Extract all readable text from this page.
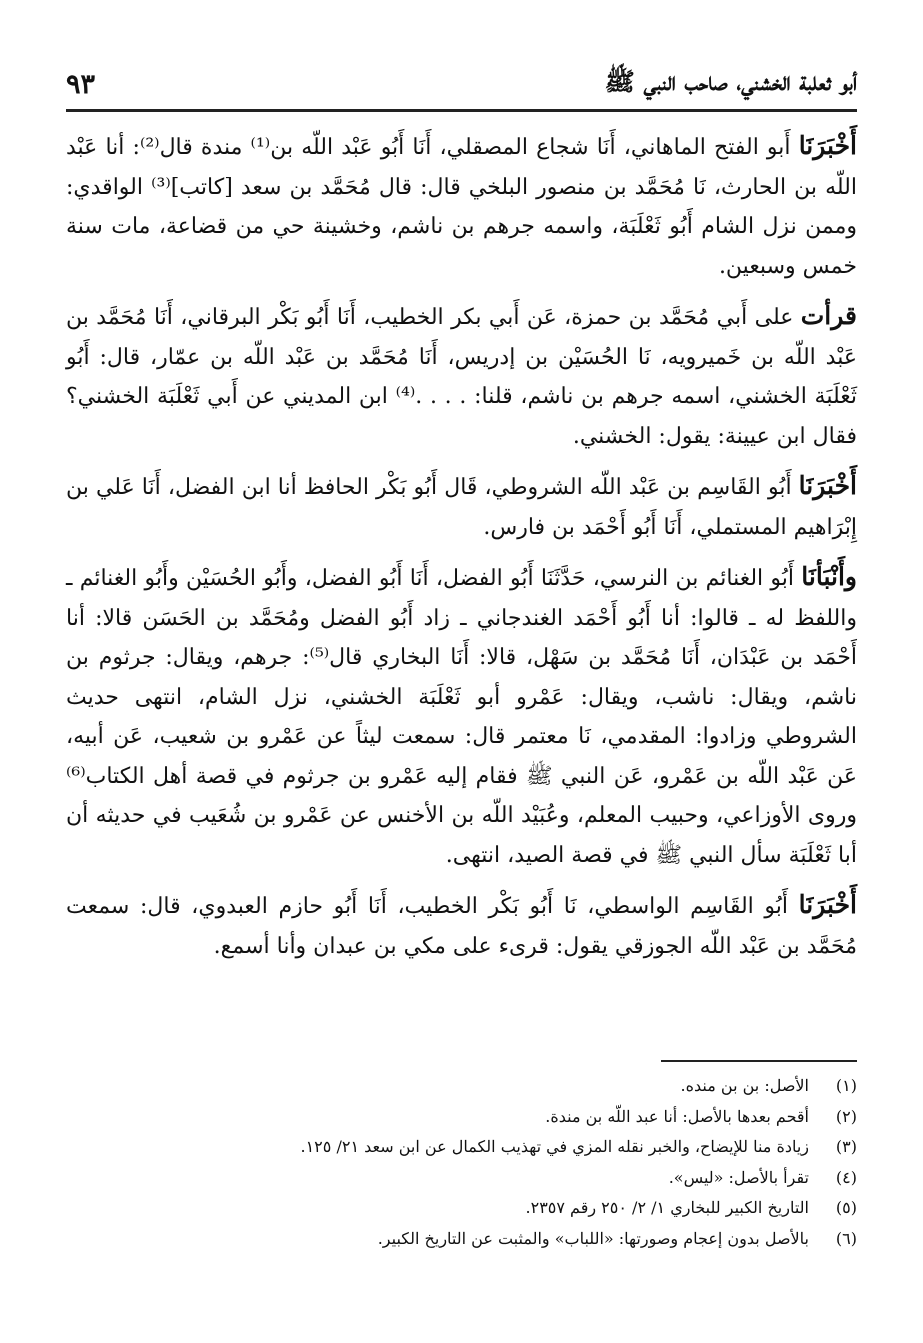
أبو ثعلبة الخشني، صاحب النبي ﷺ
٩٣

أَخْبَرَنَا أَبو الفتح الماهاني، أَنَا شجاع المصقلي، أَنَا أَبُو عَبْد اللّه بن⁽¹⁾ مندة قال⁽²⁾: أنا عَبْد اللّه بن الحارث، نَا مُحَمَّد بن منصور البلخي قال: قال مُحَمَّد بن سعد [كاتب]⁽³⁾ الواقدي: وممن نزل الشام أَبُو ثَعْلَبَة، واسمه جرهم بن ناشم، وخشينة حي من قضاعة، مات سنة خمس وسبعين.

قرأت على أَبي مُحَمَّد بن حمزة، عَن أَبي بكر الخطيب، أَنَا أَبُو بَكْر البرقاني، أَنَا مُحَمَّد بن عَبْد اللّه بن خَميرويه، نَا الحُسَيْن بن إدريس، أَنَا مُحَمَّد بن عَبْد اللّه بن عمّار، قال: أَبُو ثَعْلَبَة الخشني، اسمه جرهم بن ناشم، قلنا: . . . .⁽⁴⁾ ابن المديني عن أَبي ثَعْلَبَة الخشني؟ فقال ابن عيينة: يقول: الخشني.

أَخْبَرَنَا أَبُو القَاسِم بن عَبْد اللّه الشروطي، قَال أَبُو بَكْر الحافظ أنا ابن الفضل، أَنَا عَلي بن إِبْرَاهيم المستملي، أَنَا أَبُو أَحْمَد بن فارس.

وأَنْبَأنَا أَبُو الغنائم بن النرسي، حَدَّثَنَا أَبُو الفضل، أَنَا أَبُو الفضل، وأَبُو الحُسَيْن وأَبُو الغنائم ـ واللفظ له ـ قالوا: أنا أَبُو أَحْمَد الغندجاني ـ زاد أَبُو الفضل ومُحَمَّد بن الحَسَن قالا: أنا أَحْمَد بن عَبْدَان، أَنَا مُحَمَّد بن سَهْل، قالا: أَنَا البخاري قال⁽⁵⁾: جرهم، ويقال: جرثوم بن ناشم، ويقال: ناشب، ويقال: عَمْرو أبو ثَعْلَبَة الخشني، نزل الشام، انتهى حديث الشروطي وزادوا: المقدمي، نَا معتمر قال: سمعت ليثاً عن عَمْرو بن شعيب، عَن أبيه، عَن عَبْد اللّه بن عَمْرو، عَن النبي ﷺ فقام إليه عَمْرو بن جرثوم في قصة أهل الكتاب⁽⁶⁾ وروى الأوزاعي، وحبيب المعلم، وعُبَيْد اللّه بن الأخنس عن عَمْرو بن شُعَيب في حديثه أن أبا ثَعْلَبَة سأل النبي ﷺ في قصة الصيد، انتهى.

أَخْبَرَنَا أَبُو القَاسِم الواسطي، نَا أَبُو بَكْر الخطيب، أَنَا أَبُو حازم العبدوي، قال: سمعت مُحَمَّد بن عَبْد اللّه الجوزقي يقول: قرىء على مكي بن عبدان وأنا أسمع.

(١)الأصل: بن بن منده.
(٢)أقحم بعدها بالأصل: أنا عبد اللّه بن مندة.
(٣)زيادة منا للإيضاح، والخبر نقله المزي في تهذيب الكمال عن ابن سعد ٢١/ ١٢٥.
(٤)تقرأ بالأصل: «ليس».
(٥)التاريخ الكبير للبخاري ١/ ٢/ ٢٥٠ رقم ٢٣٥٧.
(٦)بالأصل بدون إعجام وصورتها: «اللباب» والمثبت عن التاريخ الكبير.
